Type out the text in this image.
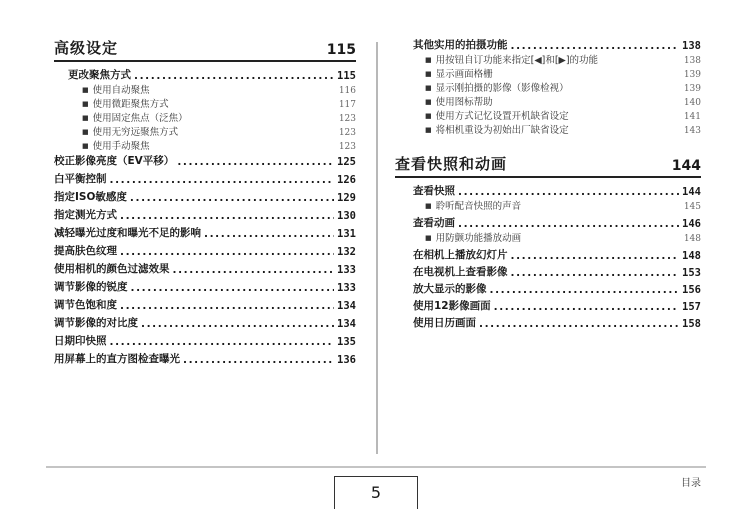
高级设定	115
更改聚焦方式 .....	115
■ 使用自动聚焦	116
■ 使用微距聚焦方式	117
■ 使用固定焦点（泛焦）	123
■ 使用无穷远聚焦方式	123
■ 使用手动聚焦	123
校正影像亮度（EV平移） .....	125
白平衡控制 .....	126
指定ISO敏感度 .....	129
指定测光方式 .....	130
减轻曝光过度和曝光不足的影响 .....	131
提高肤色纹理 .....	132
使用相机的颜色过滤效果 .....	133
调节影像的锐度 .....	133
调节色饱和度 .....	134
调节影像的对比度 .....	134
日期印快照 .....	135
用屏幕上的直方图检查曝光 .....	136
其他实用的拍摄功能 .....	138
■ 用按钮自订功能来指定[◀]和[▶]的功能	138
■ 显示画面格栅	139
■ 显示刚拍摄的影像（影像检视）	139
■ 使用图标帮助	140
■ 使用方式记忆设置开机缺省设定	141
■ 将相机重设为初始出厂缺省设定	143
查看快照和动画	144
查看快照 .....	144
■ 聆听配音快照的声音	145
查看动画 .....	146
■ 用防颤功能播放动画	148
在相机上播放幻灯片 .....	148
在电视机上查看影像 .....	153
放大显示的影像 .....	156
使用12影像画面 .....	157
使用日历画面 .....	158
5	目录
